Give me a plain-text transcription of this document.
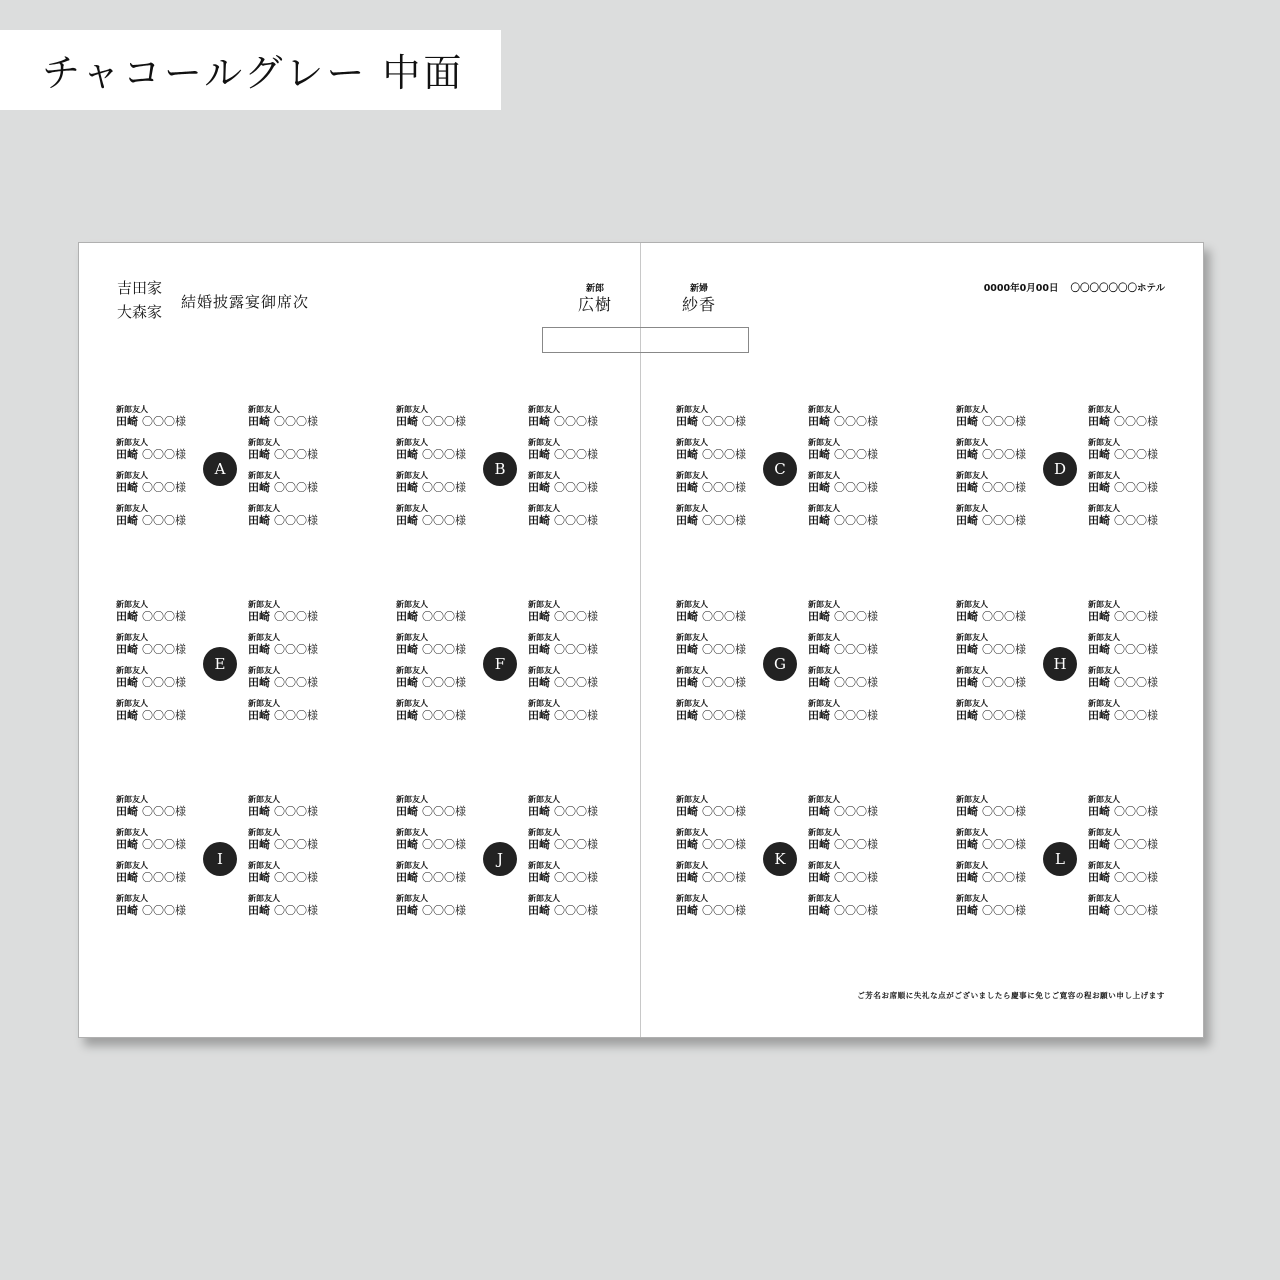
チャコールグレー 中面
吉田家
大森家
結婚披露宴御席次
新郎
広樹
新婦
紗香
0000年0月00日 〇〇〇〇〇〇〇ホテル
新郎友人
田崎 〇〇〇様
新郎友人
田崎 〇〇〇様
新郎友人
田崎 〇〇〇様
新郎友人
田崎 〇〇〇様
新郎友人
田崎 〇〇〇様
新郎友人
田崎 〇〇〇様
新郎友人
田崎 〇〇〇様
新郎友人
田崎 〇〇〇様
A
新郎友人
田崎 〇〇〇様
新郎友人
田崎 〇〇〇様
新郎友人
田崎 〇〇〇様
新郎友人
田崎 〇〇〇様
新郎友人
田崎 〇〇〇様
新郎友人
田崎 〇〇〇様
新郎友人
田崎 〇〇〇様
新郎友人
田崎 〇〇〇様
B
新郎友人
田崎 〇〇〇様
新郎友人
田崎 〇〇〇様
新郎友人
田崎 〇〇〇様
新郎友人
田崎 〇〇〇様
新郎友人
田崎 〇〇〇様
新郎友人
田崎 〇〇〇様
新郎友人
田崎 〇〇〇様
新郎友人
田崎 〇〇〇様
C
新郎友人
田崎 〇〇〇様
新郎友人
田崎 〇〇〇様
新郎友人
田崎 〇〇〇様
新郎友人
田崎 〇〇〇様
新郎友人
田崎 〇〇〇様
新郎友人
田崎 〇〇〇様
新郎友人
田崎 〇〇〇様
新郎友人
田崎 〇〇〇様
D
新郎友人
田崎 〇〇〇様
新郎友人
田崎 〇〇〇様
新郎友人
田崎 〇〇〇様
新郎友人
田崎 〇〇〇様
新郎友人
田崎 〇〇〇様
新郎友人
田崎 〇〇〇様
新郎友人
田崎 〇〇〇様
新郎友人
田崎 〇〇〇様
E
新郎友人
田崎 〇〇〇様
新郎友人
田崎 〇〇〇様
新郎友人
田崎 〇〇〇様
新郎友人
田崎 〇〇〇様
新郎友人
田崎 〇〇〇様
新郎友人
田崎 〇〇〇様
新郎友人
田崎 〇〇〇様
新郎友人
田崎 〇〇〇様
F
新郎友人
田崎 〇〇〇様
新郎友人
田崎 〇〇〇様
新郎友人
田崎 〇〇〇様
新郎友人
田崎 〇〇〇様
新郎友人
田崎 〇〇〇様
新郎友人
田崎 〇〇〇様
新郎友人
田崎 〇〇〇様
新郎友人
田崎 〇〇〇様
G
新郎友人
田崎 〇〇〇様
新郎友人
田崎 〇〇〇様
新郎友人
田崎 〇〇〇様
新郎友人
田崎 〇〇〇様
新郎友人
田崎 〇〇〇様
新郎友人
田崎 〇〇〇様
新郎友人
田崎 〇〇〇様
新郎友人
田崎 〇〇〇様
H
新郎友人
田崎 〇〇〇様
新郎友人
田崎 〇〇〇様
新郎友人
田崎 〇〇〇様
新郎友人
田崎 〇〇〇様
新郎友人
田崎 〇〇〇様
新郎友人
田崎 〇〇〇様
新郎友人
田崎 〇〇〇様
新郎友人
田崎 〇〇〇様
I
新郎友人
田崎 〇〇〇様
新郎友人
田崎 〇〇〇様
新郎友人
田崎 〇〇〇様
新郎友人
田崎 〇〇〇様
新郎友人
田崎 〇〇〇様
新郎友人
田崎 〇〇〇様
新郎友人
田崎 〇〇〇様
新郎友人
田崎 〇〇〇様
J
新郎友人
田崎 〇〇〇様
新郎友人
田崎 〇〇〇様
新郎友人
田崎 〇〇〇様
新郎友人
田崎 〇〇〇様
新郎友人
田崎 〇〇〇様
新郎友人
田崎 〇〇〇様
新郎友人
田崎 〇〇〇様
新郎友人
田崎 〇〇〇様
K
新郎友人
田崎 〇〇〇様
新郎友人
田崎 〇〇〇様
新郎友人
田崎 〇〇〇様
新郎友人
田崎 〇〇〇様
新郎友人
田崎 〇〇〇様
新郎友人
田崎 〇〇〇様
新郎友人
田崎 〇〇〇様
新郎友人
田崎 〇〇〇様
L
ご芳名お席順に失礼な点がございましたら慶事に免じご寛容の程お願い申し上げます
